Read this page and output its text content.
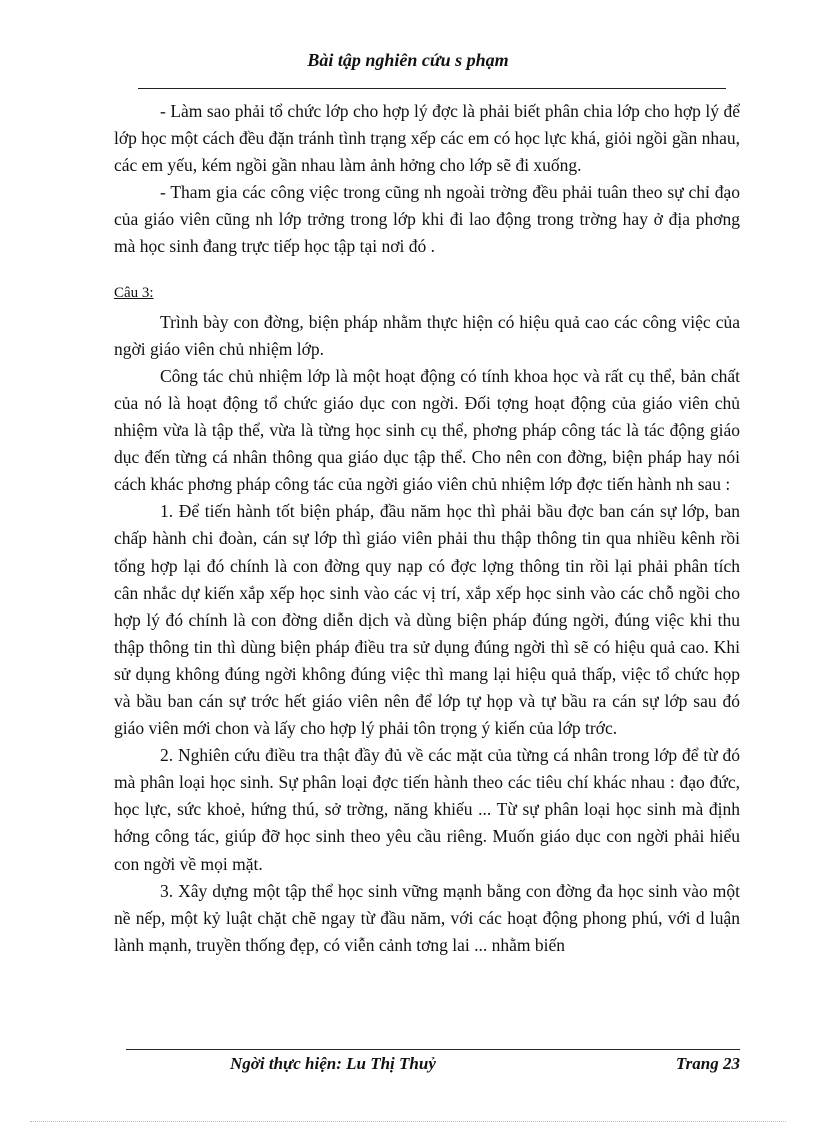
Bài tập nghiên cứu s phạm

- Làm sao phải tổ chức lớp cho hợp lý đợc là phải biết phân chia lớp cho hợp lý để lớp học một cách đều đặn tránh tình trạng xếp các em có học lực khá, giỏi ngồi gần nhau, các em yếu, kém ngồi gần nhau làm ảnh hởng cho lớp sẽ đi xuống.

- Tham gia các công việc trong cũng nh ngoài trờng đều phải tuân theo sự chỉ đạo của giáo viên cũng nh lớp trởng trong lớp khi đi lao động trong trờng hay ở địa phơng mà học sinh đang trực tiếp học tập tại nơi đó .

Câu 3:

Trình bày con đờng, biện pháp nhằm thực hiện có hiệu quả cao các công việc của ngời giáo viên chủ nhiệm lớp.

Công tác chủ nhiệm lớp là một hoạt động có tính khoa học và rất cụ thể, bản chất của nó là hoạt động tổ chức giáo dục con ngời. Đối tợng hoạt động của giáo viên chủ nhiệm vừa là tập thể, vừa là từng học sinh cụ thể, phơng pháp công tác là tác động giáo dục đến từng cá nhân thông qua giáo dục tập thể. Cho nên con đờng, biện pháp hay nói cách khác phơng pháp công tác của ngời giáo viên chủ nhiệm lớp đợc tiến hành nh sau :

1. Để tiến hành tốt biện pháp, đầu năm học thì phải bầu đợc ban cán sự lớp, ban chấp hành chi đoàn, cán sự lớp thì giáo viên phải thu thập thông tin qua nhiều kênh rồi tổng hợp lại đó chính là con đờng quy nạp có đợc lợng thông tin rồi lại phải phân tích cân nhắc dự kiến xắp xếp học sinh vào các vị trí, xắp xếp học sinh vào các chỗ ngồi cho hợp lý đó chính là con đờng diễn dịch và dùng biện pháp đúng ngời, đúng việc khi thu thập thông tin thì dùng biện pháp điều tra sử dụng đúng ngời thì sẽ có hiệu quả cao. Khi sử dụng không đúng ngời không đúng việc thì mang lại hiệu quả thấp, việc tổ chức họp và bầu ban cán sự trớc hết giáo viên nên để lớp tự họp và tự bầu ra cán sự lớp sau đó giáo viên mới chon và lấy cho hợp lý phải tôn trọng ý kiến của lớp trớc.

2. Nghiên cứu điều tra thật đầy đủ về các mặt của từng cá nhân trong lớp để từ đó mà phân loại học sinh. Sự phân loại đợc tiến hành theo các tiêu chí khác nhau : đạo đức, học lực, sức khoẻ, hứng thú, sở trờng, năng khiếu ... Từ sự phân loại học sinh mà định hớng công tác, giúp đỡ học sinh theo yêu cầu riêng. Muốn giáo dục con ngời phải hiểu con ngời về mọi mặt.

3. Xây dựng một tập thể học sinh vững mạnh bằng con đờng đa học sinh vào một nề nếp, một kỷ luật chặt chẽ ngay từ đầu năm, với các hoạt động phong phú, với d luận lành mạnh, truyền thống đẹp, có viễn cảnh tơng lai ... nhằm biến

Ngời thực hiện: Lu Thị Thuỷ	Trang 23
